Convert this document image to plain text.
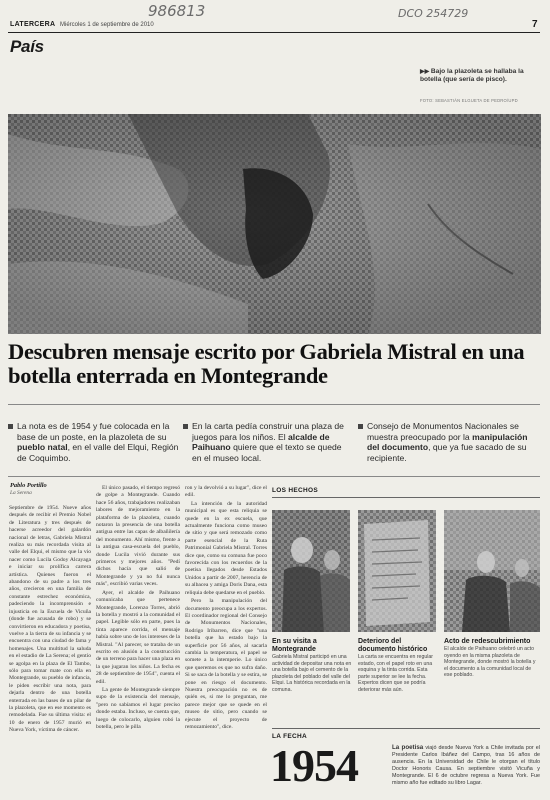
986813	DCO 254729
LATERCERA Miércoles 1 de septiembre de 2010	7
País
▶▶ Bajo la plazoleta se hallaba la botella (que sería de pisco).
FOTO: SEBASTIÁN ELGUETA DE PEDRO/UPD
Descubren mensaje escrito por Gabriela Mistral en una botella enterrada en Montegrande
La nota es de 1954 y fue colocada en la base de un poste, en la plazoleta de su pueblo natal, en el valle del Elqui, Región de Coquimbo.
En la carta pedía construir una plaza de juegos para los niños. El alcalde de Paihuano quiere que el texto se quede en el museo local.
Consejo de Monumentos Nacionales se muestra preocupado por la manipulación del documento, que ya fue sacado de su recipiente.
Pablo Portillo
La Serena

Septiembre de 1954. Nueve años después de recibir el Premio Nobel de Literatura y tres después de hacerse acreedor del galardón nacional de letras, Gabriela Mistral realiza su más recordada visita al valle del Elqui, el mismo que la vio nacer como Lucila Godoy Alcayaga e iniciar su prolífica carrera artística. Quienes fueron el abandono de su padre a los tres años, crecieron en una familia de constante estrechez económica, padeciendo la incomprensión e injusticia en la Escuela de Vicuña (donde fue acusada de robo) y se convirtieron en educadora y poetisa, vuelve a la tierra de su infancia y se encuentra con una ciudad de fama y homenajes. Una multitud la saluda en el estadio de La Serena; el gentío se agolpa en la plaza de El Tambo, sólo para tomar mate con ella en Montegrande, su pueblo de infancia, le piden escribir una nota, para dejarla dentro de una botella enterrada en las bases de un pilar de la plazoleta, que en ese momento es remodelada. Fue su última visita: el 10 de enero de 1957 murió en Nueva York, víctima de cáncer.

El único pasado, el tiempo regresó de golpe a Montegrande. Cuando hace 56 años, trabajadores realizaban labores de mejoramiento en la plataforma de la plazoleta, cuando notaron la presencia de una botella antigua entre las capas de albañilería del monumento. Ahí mismo, frente a la antigua casa-escuela del pueblo, donde Lucila vivió durante sus primeros y mejores años. "Pedí dichos hacía que salió de Montegrande y ya no fui nunca más", escribió varias veces.

Ayer, el alcalde de Paihuano comunicaba que pertenece Montegrande, Lorenzo Torres, abrió la botella y mostró a la comunidad el papel. Legible sólo en parte, pues la tinta aparece corrida, el mensaje había sobre uno de los intereses de la Mistral. "Al parecer, se trataba de un escrito en alusión a la construcción de un terreno para hacer una plaza en la que jugaran los niños. La fecha es 28 de septiembre de 1954", cuenta el edil.

La gente de Montegrande siempre supo de la existencia del mensaje, "pero no sabíamos el lugar preciso donde estaba. Incluso, se cuenta que, luego de colocarlo, alguien robó la botella, pero le pilla

ron y la devolvió a su lugar", dice el edil.

La intención de la autoridad municipal es que esta reliquia se quede en la ex escuela, que actualmente funciona como museo de sitio y que será remozado como parte esencial de la Ruta Patrimonial Gabriela Mistral. Torres dice que, como su comuna fue poco favorecida con los recuerdos de la poetisa llegados desde Estados Unidos a partir de 2007, herencia de su albacea y amiga Doris Dana, esta reliquia debe quedarse en el pueblo.

Pero la manipulación del documento preocupa a los expertos. El coordinador regional del Consejo de Monumentos Nacionales, Rodrigo Iribarren, dice que "una botella que ha estado bajo la superficie por 56 años, al sacarla cambia la temperatura, el papel se somete a la intemperie. Lo único que queremos es que no sufra daño. Si se saca de la botella y se estira, se pone en riesgo el documento. Nuestra preocupación no es de quién es, si me lo preguntan, me parece mejor que se quede en el museo de sitio, pero cuando se ejecute el proyecto de remozamiento", dice.

LOS HECHOS
En su visita a Montegrande
Gabriela Mistral participó en una actividad de depositar una nota en una botella bajo el cemento de la plazoleta del poblado del valle del Elqui. La histórica recordada en la comuna.
Deterioro del documento histórico
La carta se encuentra en regular estado, con el papel roto en una esquina y la tinta corrida. Esta parte superior se lee la fecha. Expertos dicen que se podría deteriorar más aún.
Acto de redescubrimiento
El alcalde de Paihuano celebró un acto oyendo en la misma plazoleta de Montegrande, donde mostró la botella y el documento a la comunidad local de ese poblado.
LA FECHA
1954	La poetisa viajó desde Nueva York a Chile invitada por el Presidente Carlos Ibáñez del Campo, tras 16 años de ausencia. En la Universidad de Chile le otorgan el título Doctor Honoris Causa. En septiembre visitó Vicuña y Montegrande. El 6 de octubre regresa a Nueva York. Fue mismo año fue editado su libro Lagar.
